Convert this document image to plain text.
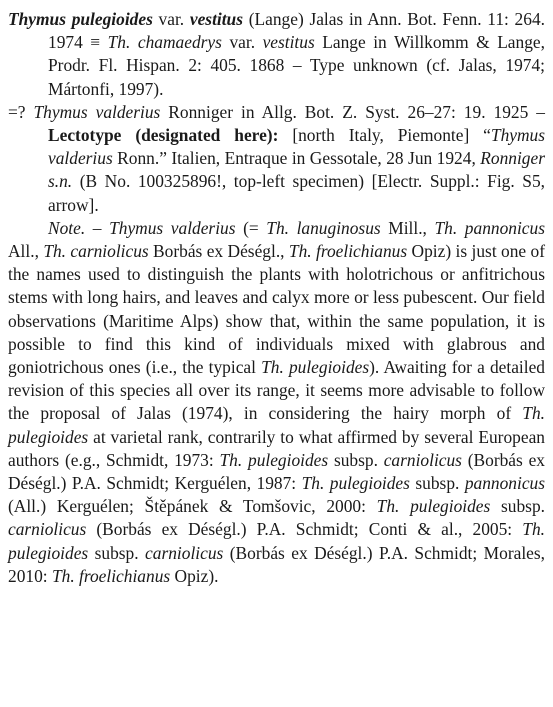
Thymus pulegioides var. vestitus (Lange) Jalas in Ann. Bot. Fenn. 11: 264. 1974 ≡ Th. chamaedrys var. vestitus Lange in Willkomm & Lange, Prodr. Fl. Hispan. 2: 405. 1868 – Type unknown (cf. Jalas, 1974; Mártonfi, 1997).

=? Thymus valderius Ronniger in Allg. Bot. Z. Syst. 26–27: 19. 1925 – Lectotype (designated here): [north Italy, Piemonte] “Thymus valderius Ronn.” Italien, Entraque in Gessotale, 28 Jun 1924, Ronniger s.n. (B No. 100325896!, top-left specimen) [Electr. Suppl.: Fig. S5, arrow].

Note. – Thymus valderius (= Th. lanuginosus Mill., Th. pannonicus All., Th. carniolicus Borbás ex Déségl., Th. froelichianus Opiz) is just one of the names used to distinguish the plants with holotrichous or anfitrichous stems with long hairs, and leaves and calyx more or less pubescent. Our field observations (Maritime Alps) show that, within the same population, it is possible to find this kind of individuals mixed with glabrous and goniotrichous ones (i.e., the typical Th. pulegioides). Awaiting for a detailed revision of this species all over its range, it seems more advisable to follow the proposal of Jalas (1974), in considering the hairy morph of Th. pulegioides at varietal rank, contrarily to what affirmed by several European authors (e.g., Schmidt, 1973: Th. pulegioides subsp. carniolicus (Borbás ex Déségl.) P.A. Schmidt; Kerguélen, 1987: Th. pulegioides subsp. pannonicus (All.) Kerguélen; Štěpánek & Tomšovic, 2000: Th. pulegioides subsp. carniolicus (Borbás ex Déségl.) P.A. Schmidt; Conti & al., 2005: Th. pulegioides subsp. carniolicus (Borbás ex Déségl.) P.A. Schmidt; Morales, 2010: Th. froelichianus Opiz).
